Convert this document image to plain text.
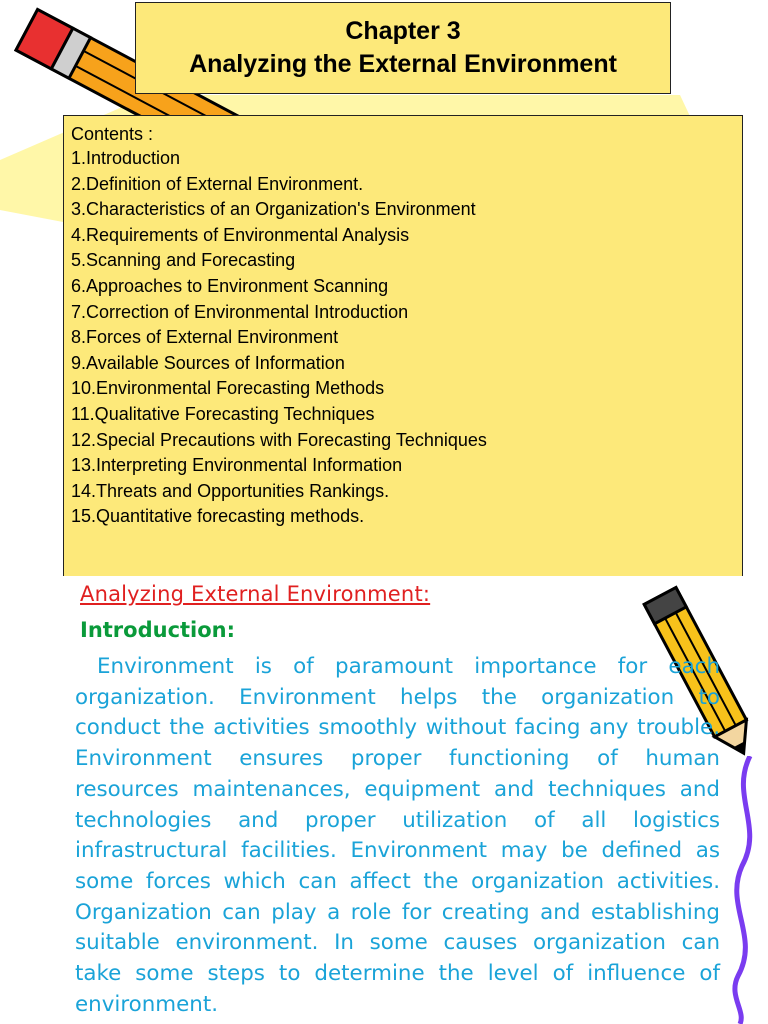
Chapter 3
Analyzing the External Environment
Contents :
1.Introduction
2.Definition of External Environment.
3.Characteristics of an Organization's Environment
4.Requirements of Environmental Analysis
5.Scanning and Forecasting
6.Approaches to Environment Scanning
7.Correction of Environmental Introduction
8.Forces of External Environment
9.Available Sources of Information
10.Environmental Forecasting Methods
11.Qualitative Forecasting Techniques
12.Special Precautions with Forecasting Techniques
13.Interpreting Environmental Information
14.Threats and Opportunities Rankings.
15.Quantitative forecasting methods.
Analyzing External Environment:
Introduction:

Environment is of paramount importance for each organization. Environment helps the organization to conduct the activities smoothly without facing any trouble. Environment ensures proper functioning of human resources maintenances, equipment and techniques and technologies and proper utilization of all logistics infrastructural facilities. Environment may be defined as some forces which can affect the organization activities. Organization can play a role for creating and establishing suitable environment. In some causes organization can take some steps to determine the level of influence of environment.
